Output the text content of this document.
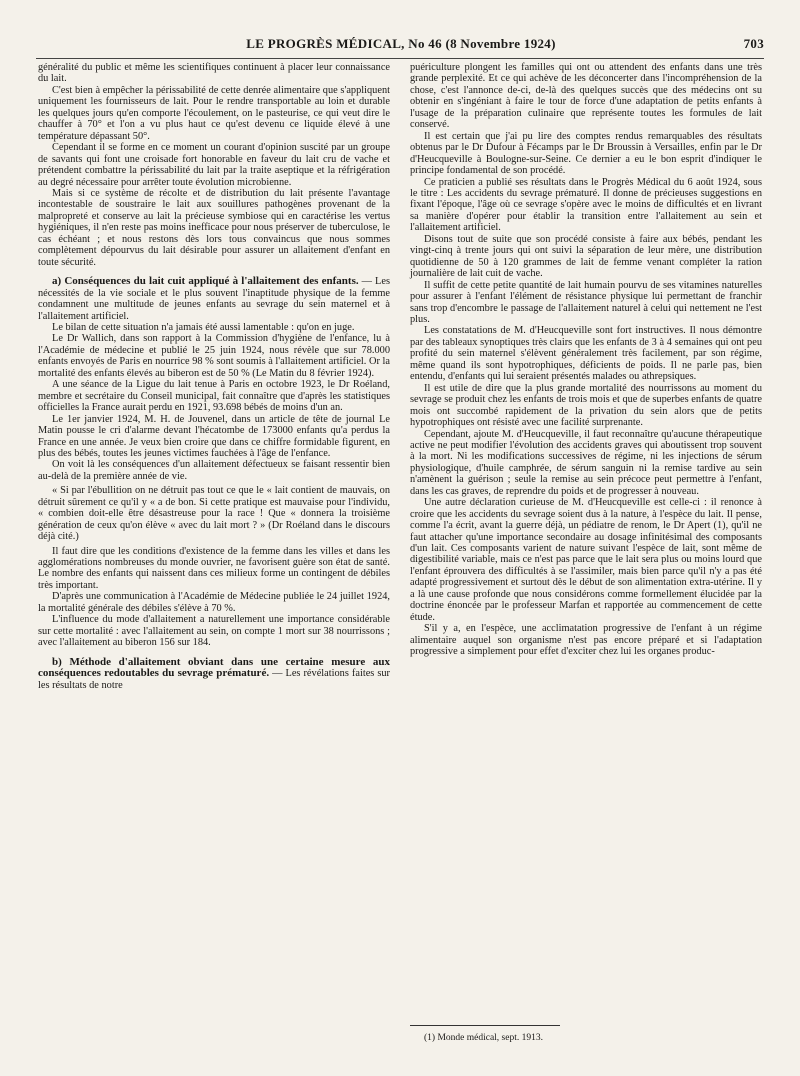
LE PROGRÈS MÉDICAL, No 46 (8 Novembre 1924)	703

généralité du public et même les scientifiques continuent à placer leur connaissance du lait.

C'est bien à empêcher la périssabilité de cette denrée alimentaire que s'appliquent uniquement les fournisseurs de lait. Pour le rendre transportable au loin et durable les quelques jours qu'en comporte l'écoulement, on le pasteurise, ce qui veut dire le chauffer à 70° et l'on a vu plus haut ce qu'est devenu ce liquide élevé à une température dépassant 50°.

Cependant il se forme en ce moment un courant d'opinion suscité par un groupe de savants qui font une croisade fort honorable en faveur du lait cru de vache et prétendent combattre la périssabilité du lait par la traite aseptique et la réfrigération au degré nécessaire pour arrêter toute évolution microbienne.

Mais si ce système de récolte et de distribution du lait présente l'avantage incontestable de soustraire le lait aux souillures pathogènes provenant de la malpropreté et conserve au lait la précieuse symbiose qui en caractérise les vertus hygiéniques, il n'en reste pas moins inefficace pour nous préserver de tuberculose, le cas échéant ; et nous restons dès lors tous convaincus que nous sommes complètement dépourvus du lait désirable pour assurer un allaitement d'enfant en toute sécurité.

a) Conséquences du lait cuit appliqué à l'allaitement des enfants. — Les nécessités de la vie sociale et le plus souvent l'inaptitude physique de la femme condamnent une multitude de jeunes enfants au sevrage du sein maternel et à l'allaitement artificiel.

Le bilan de cette situation n'a jamais été aussi lamentable : qu'on en juge.

Le Dr Wallich, dans son rapport à la Commission d'hygiène de l'enfance, lu à l'Académie de médecine et publié le 25 juin 1924, nous révèle que sur 78.000 enfants envoyés de Paris en nourrice 98 % sont soumis à l'allaitement artificiel. Or la mortalité des enfants élevés au biberon est de 50 % (Le Matin du 8 février 1924).

A une séance de la Ligue du lait tenue à Paris en octobre 1923, le Dr Roéland, membre et secrétaire du Conseil municipal, fait connaître que d'après les statistiques officielles la France aurait perdu en 1921, 93.698 bébés de moins d'un an.

Le 1er janvier 1924, M. H. de Jouvenel, dans un article de tête de journal Le Matin pousse le cri d'alarme devant l'hécatombe de 173000 enfants qu'a perdus la France en une année. Je veux bien croire que dans ce chiffre formidable figurent, en plus des bébés, toutes les jeunes victimes fauchées à l'âge de l'enfance.

On voit là les conséquences d'un allaitement défectueux se faisant ressentir bien au-delà de la première année de vie.

« Si par l'ébullition on ne détruit pas tout ce que le « lait contient de mauvais, on détruit sûrement ce qu'il y « a de bon. Si cette pratique est mauvaise pour l'individu, « combien doit-elle être désastreuse pour la race ! Que « donnera la troisième génération de ceux qu'on élève « avec du lait mort ? » (Dr Roéland dans le discours déjà cité.)

Il faut dire que les conditions d'existence de la femme dans les villes et dans les agglomérations nombreuses du monde ouvrier, ne favorisent guère son état de santé. Le nombre des enfants qui naissent dans ces milieux forme un contingent de débiles très important.

D'après une communication à l'Académie de Médecine publiée le 24 juillet 1924, la mortalité générale des débiles s'élève à 70 %.

L'influence du mode d'allaitement a naturellement une importance considérable sur cette mortalité : avec l'allaitement au sein, on compte 1 mort sur 38 nourrissons ; avec l'allaitement au biberon 156 sur 184.

b) Méthode d'allaitement obviant dans une certaine mesure aux conséquences redoutables du sevrage prématuré. — Les révélations faites sur les résultats de notre

puériculture plongent les familles qui ont ou attendent des enfants dans une très grande perplexité. Et ce qui achève de les déconcerter dans l'incompréhension de la chose, c'est l'annonce de-ci, de-là des quelques succès que des médecins ont su obtenir en s'ingéniant à faire le tour de force d'une adaptation de petits enfants à l'usage de la préparation culinaire que représente toutes les formules de lait conservé.

Il est certain que j'ai pu lire des comptes rendus remarquables des résultats obtenus par le Dr Dufour à Fécamps par le Dr Broussin à Versailles, enfin par le Dr d'Heucqueville à Boulogne-sur-Seine. Ce dernier a eu le bon esprit d'indiquer le principe fondamental de son procédé.

Ce praticien a publié ses résultats dans le Progrès Médical du 6 août 1924, sous le titre : Les accidents du sevrage prématuré. Il donne de précieuses suggestions en fixant l'époque, l'âge où ce sevrage s'opère avec le moins de difficultés et en livrant sa manière d'opérer pour établir la transition entre l'allaitement au sein et l'allaitement artificiel.

Disons tout de suite que son procédé consiste à faire aux bébés, pendant les vingt-cinq à trente jours qui ont suivi la séparation de leur mère, une distribution quotidienne de 50 à 120 grammes de lait de femme venant compléter la ration journalière de lait cuit de vache.

Il suffit de cette petite quantité de lait humain pourvu de ses vitamines naturelles pour assurer à l'enfant l'élément de résistance physique lui permettant de franchir sans trop d'encombre le passage de l'allaitement naturel à celui qui nettement ne l'est plus.

Les constatations de M. d'Heucqueville sont fort instructives. Il nous démontre par des tableaux synoptiques très clairs que les enfants de 3 à 4 semaines qui ont peu profité du sein maternel s'élèvent généralement très facilement, par son régime, même quand ils sont hypotrophiques, déficients de poids. Il ne parle pas, bien entendu, d'enfants qui lui seraient présentés malades ou athrepsiques.

Il est utile de dire que la plus grande mortalité des nourrissons au moment du sevrage se produit chez les enfants de trois mois et que de superbes enfants de quatre mois ont succombé rapidement de la privation du sein alors que de petits hypotrophiques ont résisté avec une facilité surprenante.

Cependant, ajoute M. d'Heucqueville, il faut reconnaître qu'aucune thérapeutique active ne peut modifier l'évolution des accidents graves qui aboutissent trop souvent à la mort. Ni les modifications successives de régime, ni les injections de sérum physiologique, d'huile camphrée, de sérum sanguin ni la remise tardive au sein n'amènent la guérison ; seule la remise au sein précoce peut permettre à l'enfant, dans les cas graves, de reprendre du poids et de progresser à nouveau.

Une autre déclaration curieuse de M. d'Heucqueville est celle-ci : il renonce à croire que les accidents du sevrage soient dus à la nature, à l'espèce du lait. Il pense, comme l'a écrit, avant la guerre déjà, un pédiatre de renom, le Dr Apert (1), qu'il ne faut attacher qu'une importance secondaire au dosage infinitésimal des composants d'un lait. Ces composants varient de nature suivant l'espèce de lait, sont même de digestibilité variable, mais ce n'est pas parce que le lait sera plus ou moins lourd que l'enfant éprouvera des difficultés à se l'assimiler, mais bien parce qu'il n'y a pas été adapté progressivement et surtout dès le début de son alimentation extra-utérine. Il y a là une cause profonde que nous considérons comme formellement élucidée par la doctrine énoncée par le professeur Marfan et rapportée au commencement de cette étude.

S'il y a, en l'espèce, une acclimatation progressive de l'enfant à un régime alimentaire auquel son organisme n'est pas encore préparé et si l'adaptation progressive a simplement pour effet d'exciter chez lui les organes produc-

(1) Monde médical, sept. 1913.
